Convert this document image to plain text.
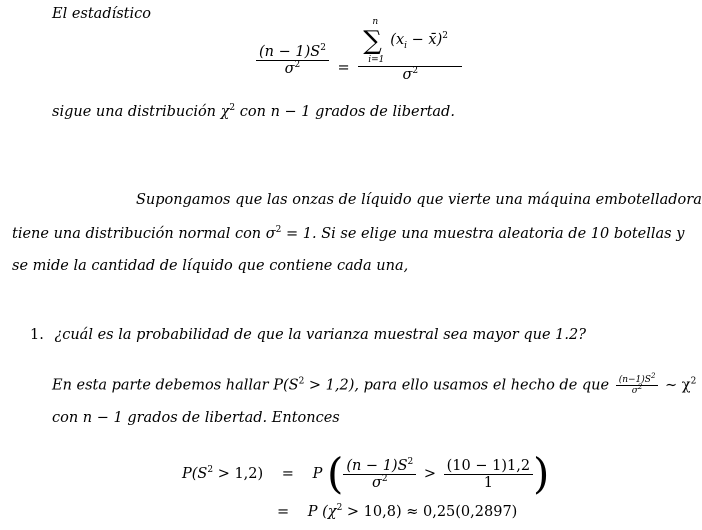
El estadístico
$\frac{(n - 1)S^2}{\sigma^2} = n$
∑
i=1
($x_i$ − x̄)$^2$
$\sigma^2$
sigue una distribución $\chi^2$ con n − 1 grados de libertad.
Supongamos que las onzas de líquido que vierte una máquina embotelladora
tiene una distribución normal con $\sigma^2 = 1$. Si se elige una muestra aleatoria de 10 botellas y
se mide la cantidad de líquido que contiene cada una,
1. ¿cuál es la probabilidad de que la varianza muestral sea mayor que 1.2?
En esta parte debemos hallar $P(S^2 > 1,2)$, para ello usamos el hecho de que $\frac{(n-1)S^2}{\sigma^2}$ ∼ $\chi^2$
con n − 1 grados de libertad. Entonces
$P(S^2 > 1,2) = P$ ( $\frac{(n - 1)S^2}{\sigma^2} > \frac{(10 - 1)1,2}{1}$ )
= P $(\chi^2 > 10,8) \approx 0,25(0,2897)$
